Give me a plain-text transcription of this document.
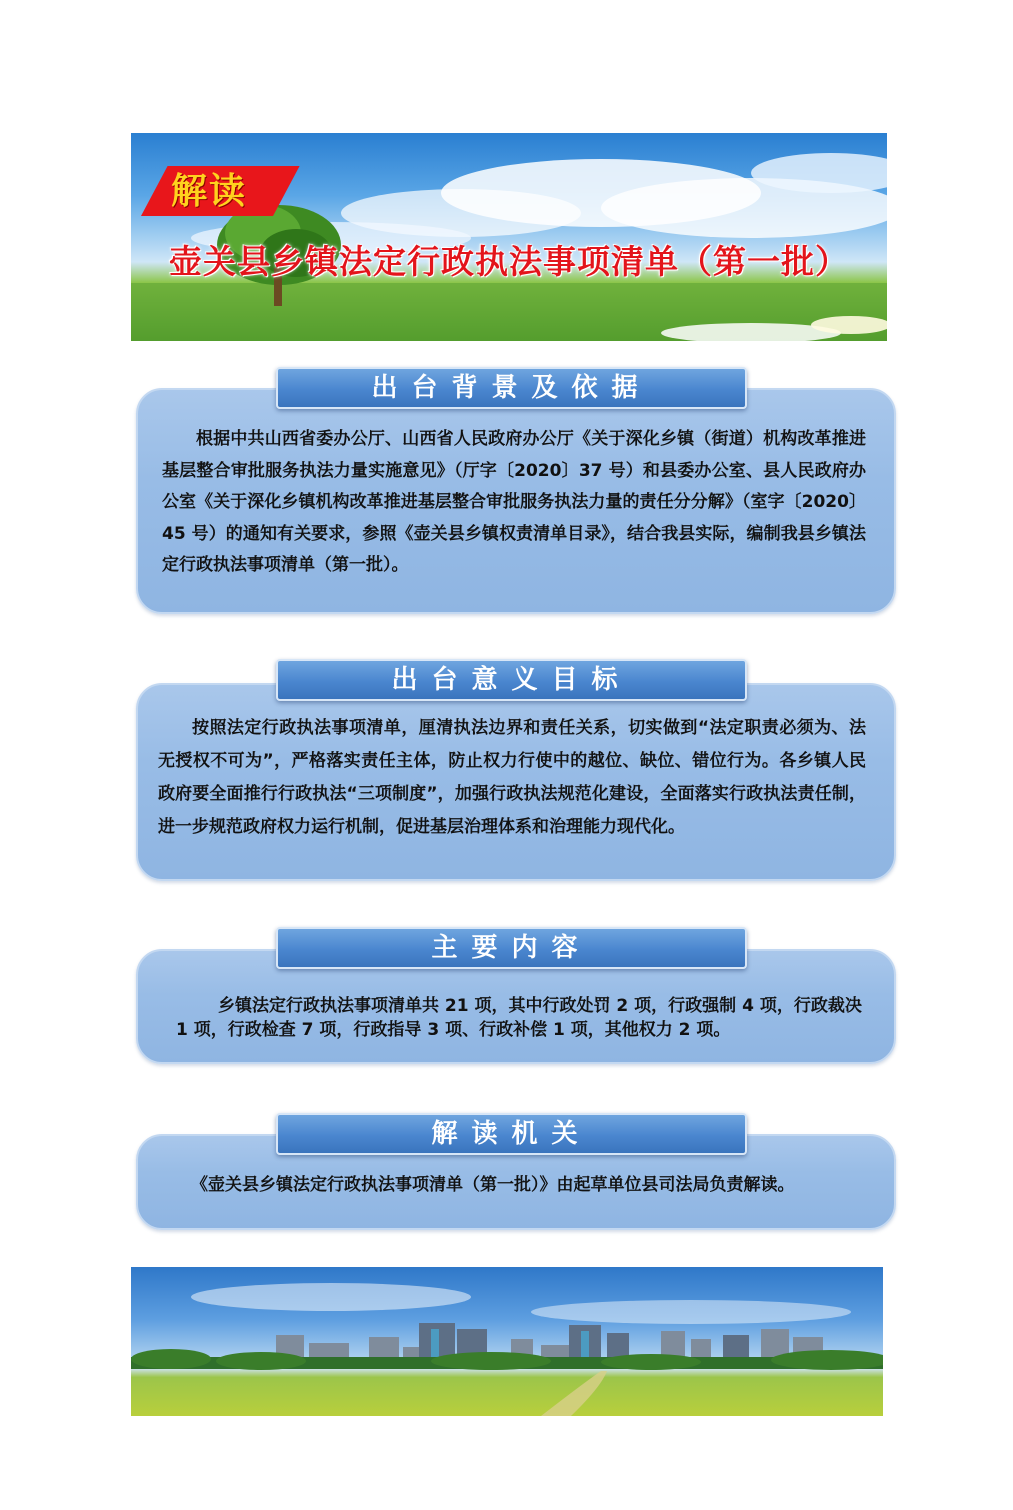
解读
壶关县乡镇法定行政执法事项清单（第一批）
出台背景及依据
根据中共山西省委办公厅、山西省人民政府办公厅《关于深化乡镇（街道）机构改革推进基层整合审批服务执法力量实施意见》（厅字〔2020〕37 号）和县委办公室、县人民政府办公室《关于深化乡镇机构改革推进基层整合审批服务执法力量的责任分分解》（室字〔2020〕45 号）的通知有关要求，参照《壶关县乡镇权责清单目录》，结合我县实际，编制我县乡镇法定行政执法事项清单（第一批）。
出台意义目标
按照法定行政执法事项清单，厘清执法边界和责任关系，切实做到“法定职责必须为、法无授权不可为”，严格落实责任主体，防止权力行使中的越位、缺位、错位行为。各乡镇人民政府要全面推行行政执法“三项制度”，加强行政执法规范化建设，全面落实行政执法责任制，进一步规范政府权力运行机制，促进基层治理体系和治理能力现代化。
主要内容
乡镇法定行政执法事项清单共 21 项，其中行政处罚 2 项，行政强制 4 项，行政裁决 1 项，行政检查 7 项，行政指导 3 项、行政补偿 1 项，其他权力 2 项。
解读机关
《壶关县乡镇法定行政执法事项清单（第一批）》由起草单位县司法局负责解读。
